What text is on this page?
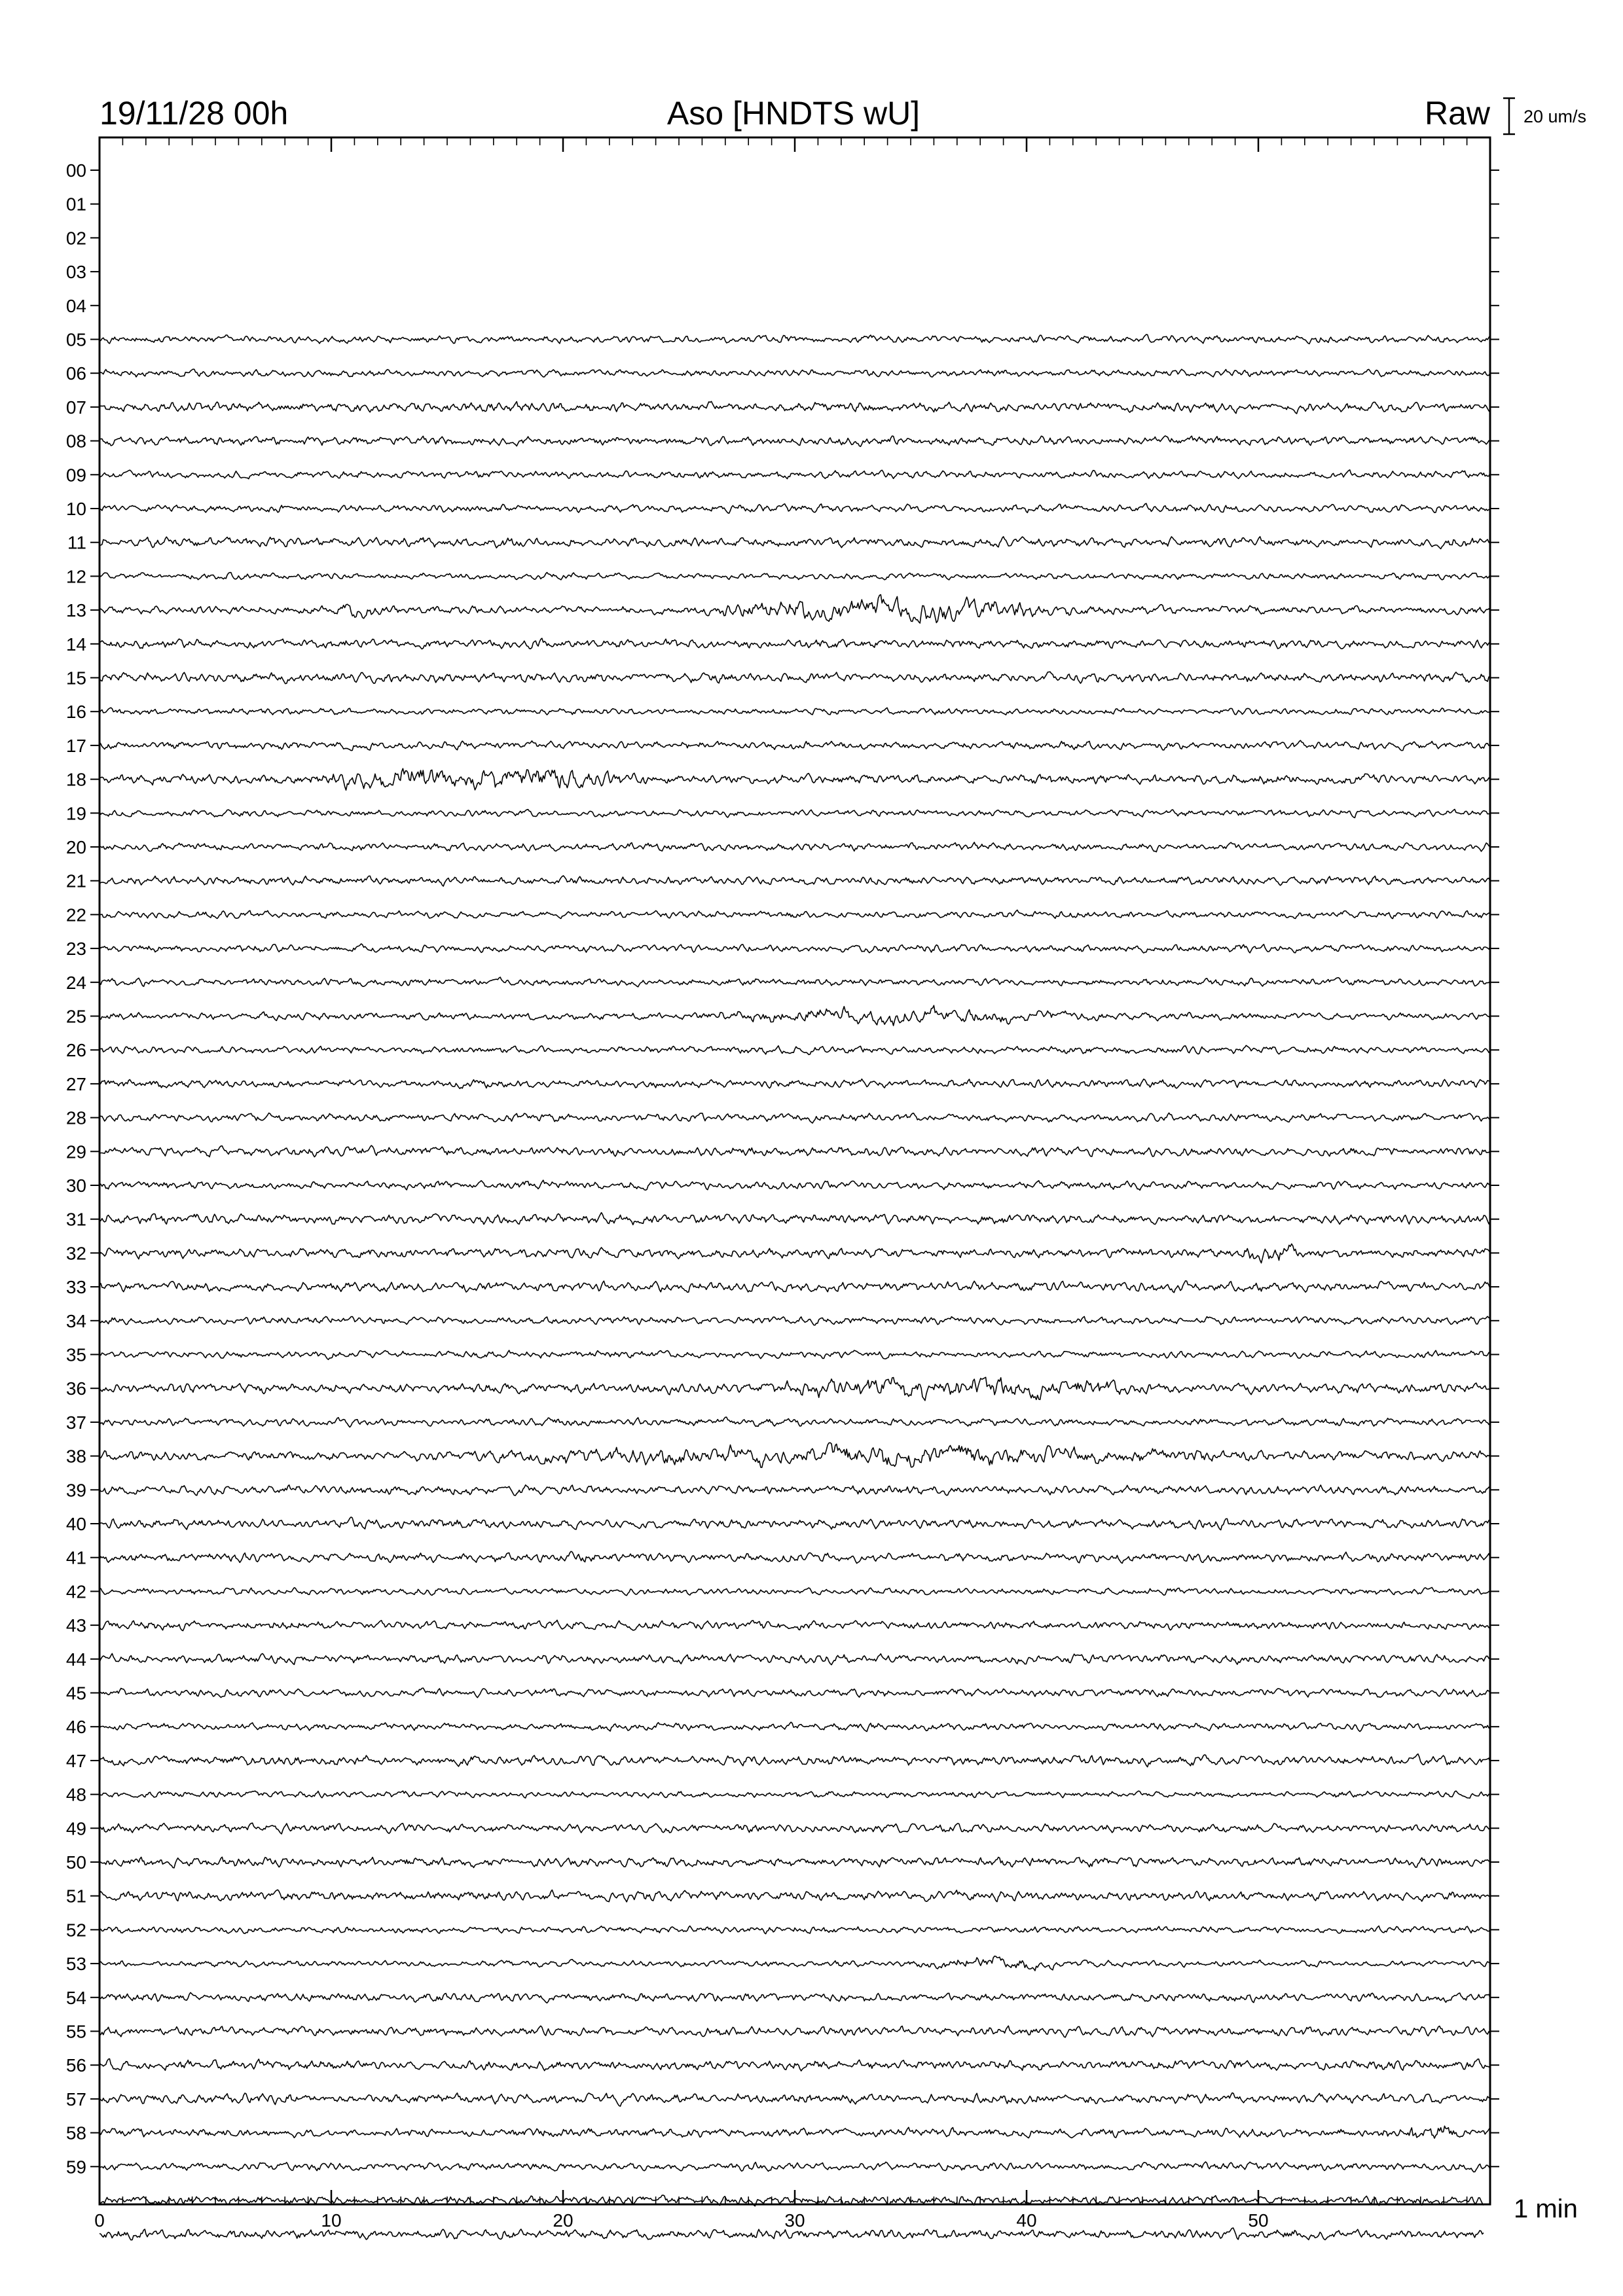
19/11/28 00h	Aso [HNDTS wU]	Raw 20 um/s
1 min
0	10	20	30	40	50
00
01
02
03
04
05
06
07
08
09
10
11
12
13
14
15
16
17
18
19
20
21
22
23
24
25
26
27
28
29
30
31
32
33
34
35
36
37
38
39
40
41
42
43
44
45
46
47
48
49
50
51
52
53
54
55
56
57
58
59
